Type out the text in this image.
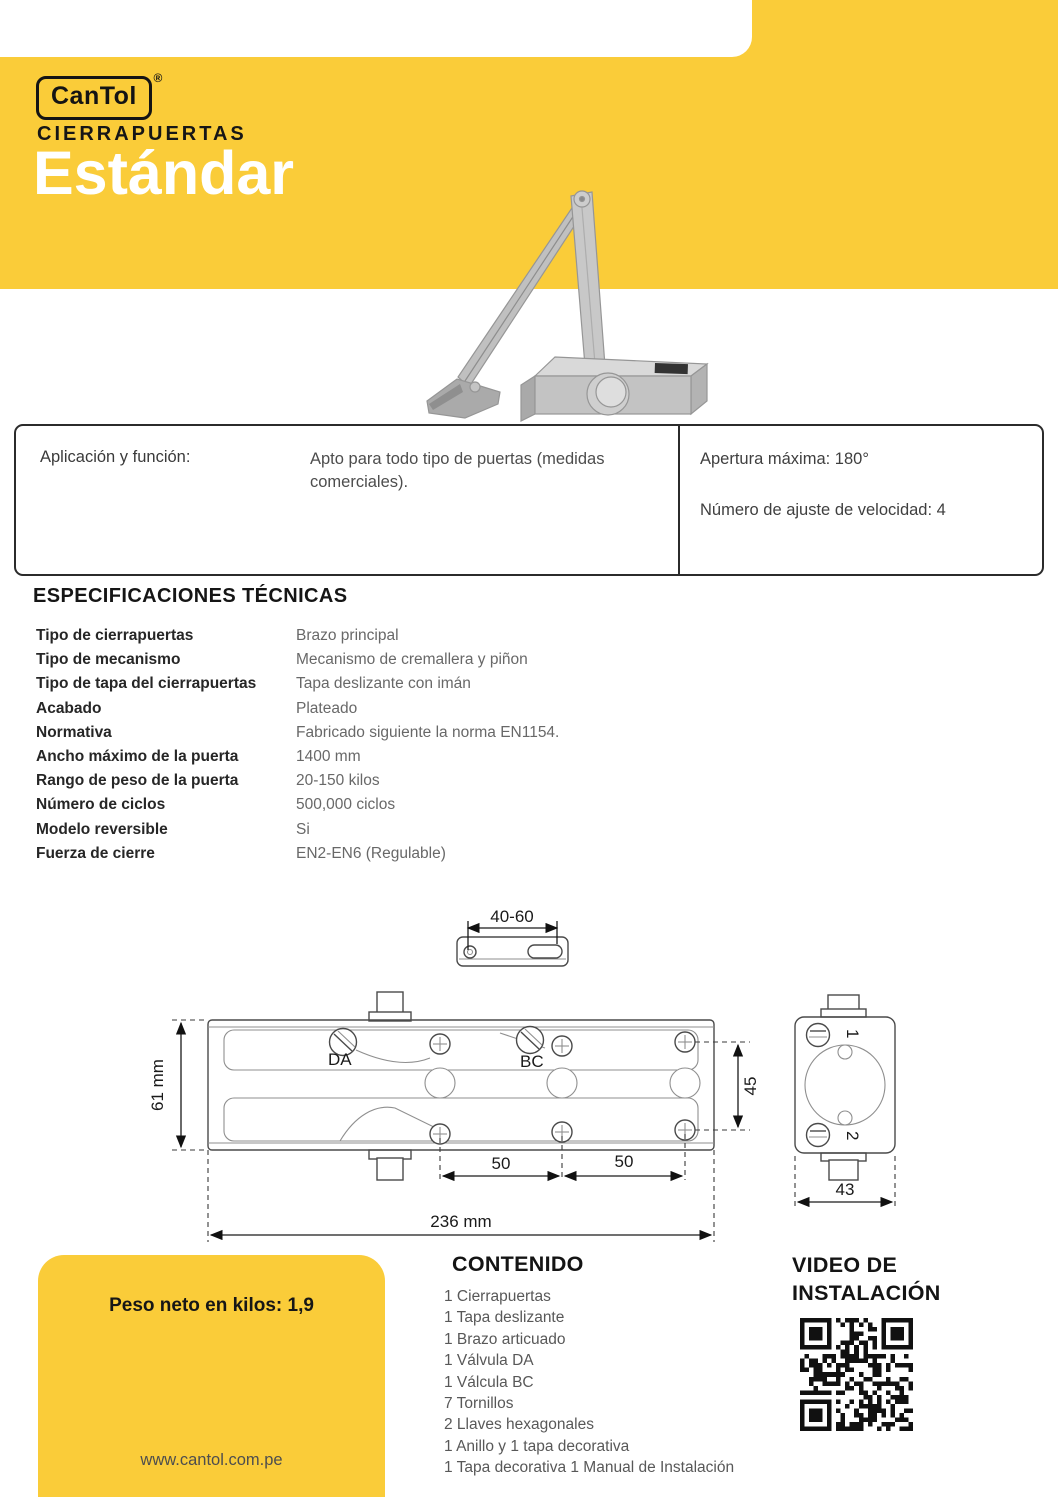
CanTol
®
CIERRAPUERTAS
Estándar
Aplicación y función:	Apto para todo tipo de puertas (medidas comerciales).

Apertura máxima: 180°

Número de ajuste de velocidad: 4

ESPECIFICACIONES TÉCNICAS
Tipo de cierrapuertas	Brazo principal
Tipo de mecanismo	Mecanismo de cremallera y piñon
Tipo de tapa del cierrapuertas	Tapa deslizante con imán
Acabado	Plateado
Normativa	Fabricado siguiente la norma EN1154.
Ancho máximo de la puerta	1400 mm
Rango de peso de la puerta	20-150 kilos
Número de ciclos	500,000 ciclos
Modelo reversible	Si
Fuerza de cierre	EN2-EN6 (Regulable)
40-60
DA	BC
61 mm	45
50	50
236 mm
1
2
43
Peso neto en kilos: 1,9
www.cantol.com.pe
CONTENIDO
1 Cierrapuertas
1 Tapa deslizante
1 Brazo articuado
1 Válvula DA
1 Válcula BC
7 Tornillos
2 Llaves hexagonales
1 Anillo y 1 tapa decorativa
1 Tapa decorativa 1 Manual de Instalación
VIDEO DE
INSTALACIÓN
